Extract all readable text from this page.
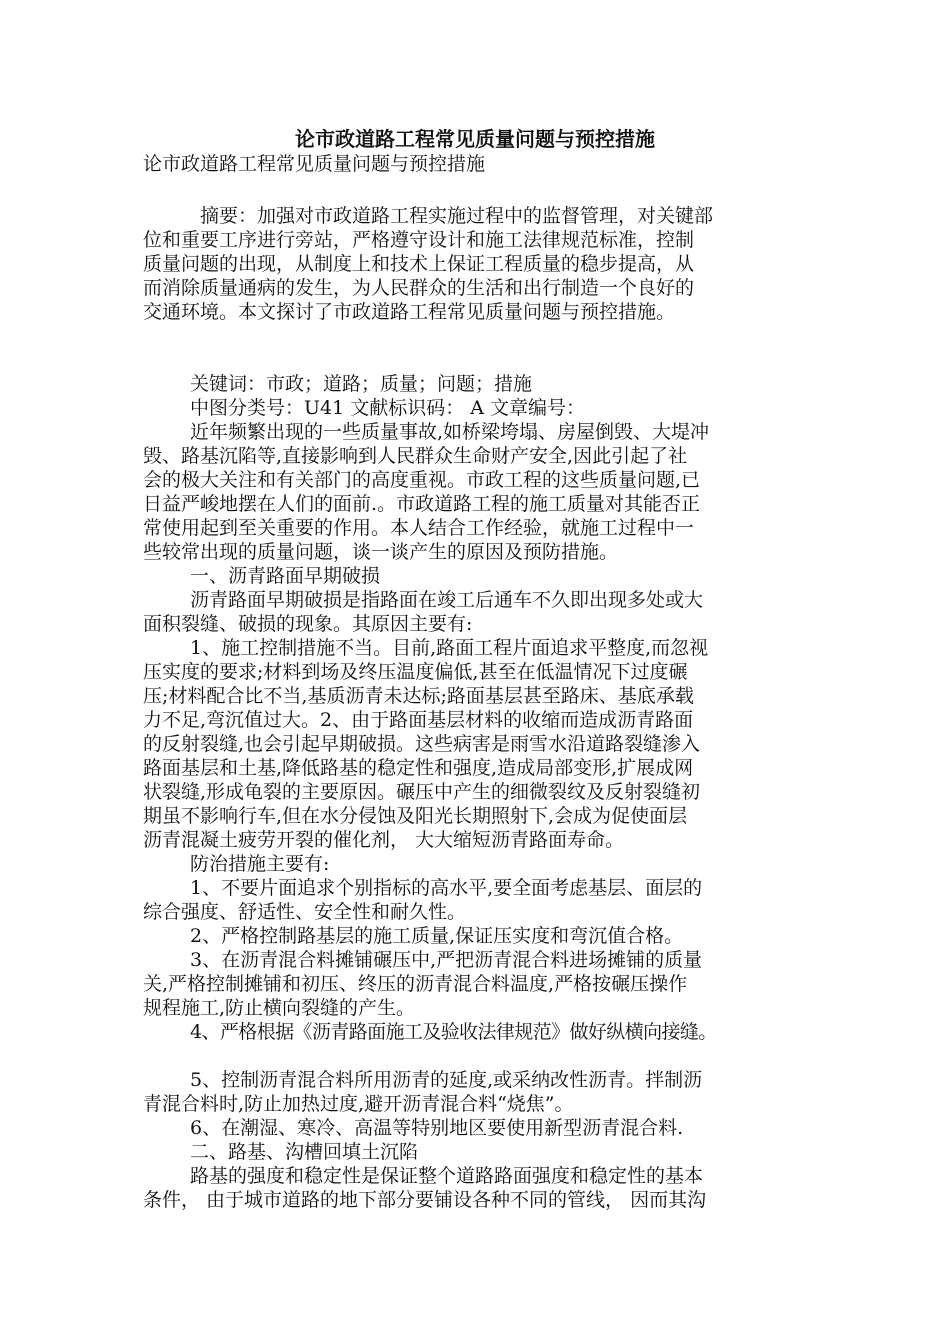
论市政道路工程常见质量问题与预控措施
论市政道路工程常见质量问题与预控措施
摘要：加强对市政道路工程实施过程中的监督管理，对关键部
位和重要工序进行旁站，严格遵守设计和施工法律规范标准，控制
质量问题的出现，从制度上和技术上保证工程质量的稳步提高，从
而消除质量通病的发生，为人民群众的生活和出行制造一个良好的
交通环境。本文探讨了市政道路工程常见质量问题与预控措施。
关键词：市政；道路；质量；问题；措施
中图分类号：U41 文献标识码： A 文章编号：
近年频繁出现的一些质量事故,如桥梁垮塌、房屋倒毁、大堤冲
毁、路基沉陷等,直接影响到人民群众生命财产安全,因此引起了社
会的极大关注和有关部门的高度重视。市政工程的这些质量问题,已
日益严峻地摆在人们的面前.。市政道路工程的施工质量对其能否正
常使用起到至关重要的作用。本人结合工作经验，就施工过程中一
些较常出现的质量问题，谈一谈产生的原因及预防措施。
一、沥青路面早期破损
沥青路面早期破损是指路面在竣工后通车不久即出现多处或大
面积裂缝、破损的现象。其原因主要有:
1、施工控制措施不当。目前,路面工程片面追求平整度,而忽视
压实度的要求;材料到场及终压温度偏低,甚至在低温情况下过度碾
压;材料配合比不当,基质沥青未达标;路面基层甚至路床、基底承载
力不足,弯沉值过大。2、由于路面基层材料的收缩而造成沥青路面
的反射裂缝,也会引起早期破损。这些病害是雨雪水沿道路裂缝渗入
路面基层和土基,降低路基的稳定性和强度,造成局部变形,扩展成网
状裂缝,形成龟裂的主要原因。碾压中产生的细微裂纹及反射裂缝初
期虽不影响行车,但在水分侵蚀及阳光长期照射下,会成为促使面层
沥青混凝土疲劳开裂的催化剂， 大大缩短沥青路面寿命。
防治措施主要有:
1、不要片面追求个别指标的高水平,要全面考虑基层、面层的
综合强度、舒适性、安全性和耐久性。
2、严格控制路基层的施工质量,保证压实度和弯沉值合格。
3、在沥青混合料摊铺碾压中,严把沥青混合料进场摊铺的质量
关,严格控制摊铺和初压、终压的沥青混合料温度,严格按碾压操作
规程施工,防止横向裂缝的产生。
4、严格根据《沥青路面施工及验收法律规范》做好纵横向接缝。
5、控制沥青混合料所用沥青的延度,或采纳改性沥青。拌制沥
青混合料时,防止加热过度,避开沥青混合料“烧焦”。
6、在潮湿、寒冷、高温等特别地区要使用新型沥青混合料.
二、路基、沟槽回填土沉陷
路基的强度和稳定性是保证整个道路路面强度和稳定性的基本
条件， 由于城市道路的地下部分要铺设各种不同的管线， 因而其沟
